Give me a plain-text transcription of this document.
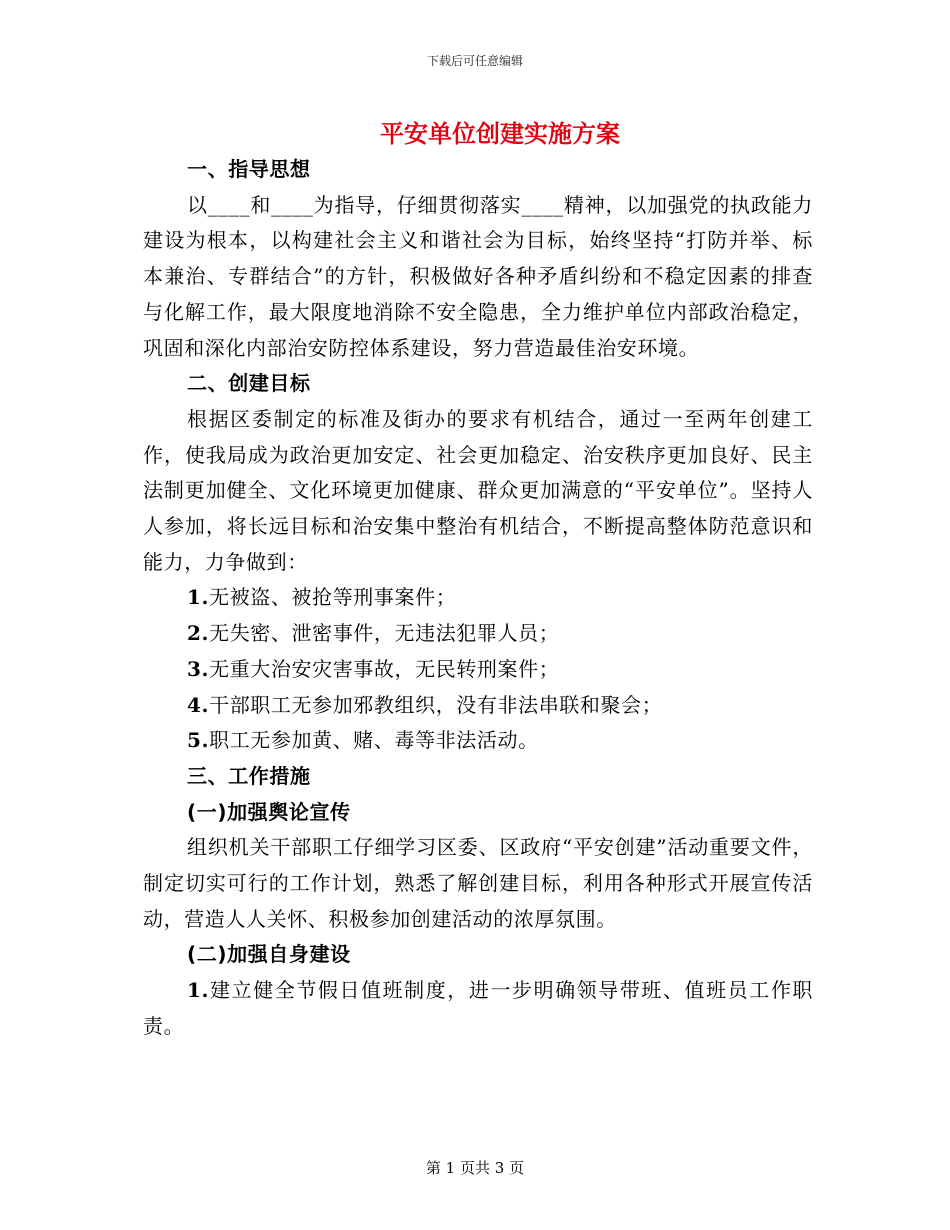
下载后可任意编辑
平安单位创建实施方案

一、指导思想

以____和____为指导，仔细贯彻落实____精神，以加强党的执政能力建设为根本，以构建社会主义和谐社会为目标，始终坚持“打防并举、标本兼治、专群结合”的方针，积极做好各种矛盾纠纷和不稳定因素的排查与化解工作，最大限度地消除不安全隐患，全力维护单位内部政治稳定，巩固和深化内部治安防控体系建设，努力营造最佳治安环境。

二、创建目标

根据区委制定的标准及街办的要求有机结合，通过一至两年创建工作，使我局成为政治更加安定、社会更加稳定、治安秩序更加良好、民主法制更加健全、文化环境更加健康、群众更加满意的“平安单位”。坚持人人参加，将长远目标和治安集中整治有机结合，不断提高整体防范意识和能力，力争做到：

1.无被盗、被抢等刑事案件；

2.无失密、泄密事件，无违法犯罪人员；

3.无重大治安灾害事故，无民转刑案件；

4.干部职工无参加邪教组织，没有非法串联和聚会；

5.职工无参加黄、赌、毒等非法活动。

三、工作措施

(一)加强舆论宣传

组织机关干部职工仔细学习区委、区政府“平安创建”活动重要文件，制定切实可行的工作计划，熟悉了解创建目标，利用各种形式开展宣传活动，营造人人关怀、积极参加创建活动的浓厚氛围。

(二)加强自身建设

1.建立健全节假日值班制度，进一步明确领导带班、值班员工作职责。

第 1 页共 3 页
